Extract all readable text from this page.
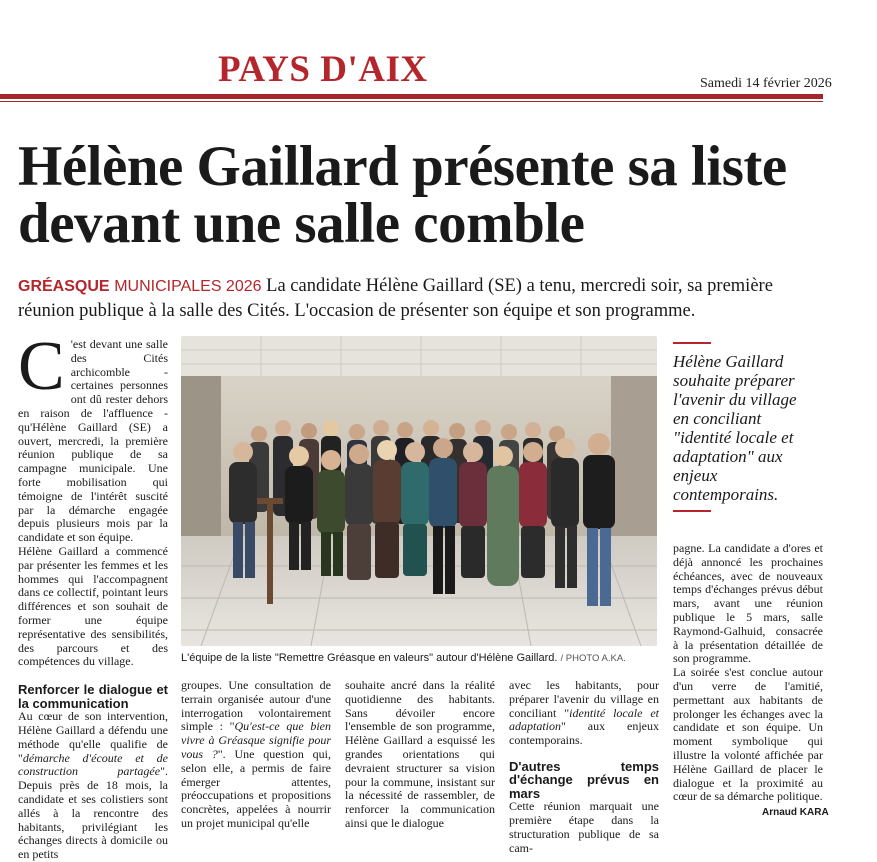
PAYS D'AIX	Samedi 14 février 2026
Hélène Gaillard présente sa liste devant une salle comble
GRÉASQUE MUNICIPALES 2026 La candidate Hélène Gaillard (SE) a tenu, mercredi soir, sa première réunion publique à la salle des Cités. L'occasion de présenter son équipe et son programme.

C 'est devant une salle des Cités archicomble - certaines personnes ont dû rester dehors en raison de l'affluence - qu'Hélène Gaillard (SE) a ouvert, mercredi, la première réunion publique de sa campagne municipale. Une forte mobilisation qui témoigne de l'intérêt suscité par la démarche engagée depuis plusieurs mois par la candidate et son équipe.

Hélène Gaillard a commencé par présenter les femmes et les hommes qui l'accompagnent dans ce collectif, pointant leurs différences et son souhait de former une équipe représentative des sensibilités, des parcours et des compétences du village.

Renforcer le dialogue et la communication

Au cœur de son intervention, Hélène Gaillard a défendu une méthode qu'elle qualifie de "démarche d'écoute et de construction partagée". Depuis près de 18 mois, la candidate et ses colistiers sont allés à la rencontre des habitants, privilégiant les échanges directs à domicile ou en petits

L'équipe de la liste "Remettre Gréasque en valeurs" autour d'Hélène Gaillard. / PHOTO A.KA.
Hélène Gaillard souhaite préparer l'avenir du village en conciliant "identité locale et adaptation" aux enjeux contemporains.

groupes. Une consultation de terrain organisée autour d'une interrogation volontairement simple : "Qu'est-ce que bien vivre à Gréasque signifie pour vous ?". Une question qui, selon elle, a permis de faire émerger attentes, préoccupations et propositions concrètes, appelées à nourrir un projet municipal qu'elle

souhaite ancré dans la réalité quotidienne des habitants. Sans dévoiler encore l'ensemble de son programme, Hélène Gaillard a esquissé les grandes orientations qui devraient structurer sa vision pour la commune, insistant sur la nécessité de rassembler, de renforcer la communication ainsi que le dialogue

avec les habitants, pour préparer l'avenir du village en conciliant "identité locale et adaptation" aux enjeux contemporains.

D'autres temps d'échange prévus en mars

Cette réunion marquait une première étape dans la structuration publique de sa cam-

pagne. La candidate a d'ores et déjà annoncé les prochaines échéances, avec de nouveaux temps d'échanges prévus début mars, avant une réunion publique le 5 mars, salle Raymond-Galhuid, consacrée à la présentation détaillée de son programme.

La soirée s'est conclue autour d'un verre de l'amitié, permettant aux habitants de prolonger les échanges avec la candidate et son équipe. Un moment symbolique qui illustre la volonté affichée par Hélène Gaillard de placer le dialogue et la proximité au cœur de sa démarche politique.

Arnaud KARA
